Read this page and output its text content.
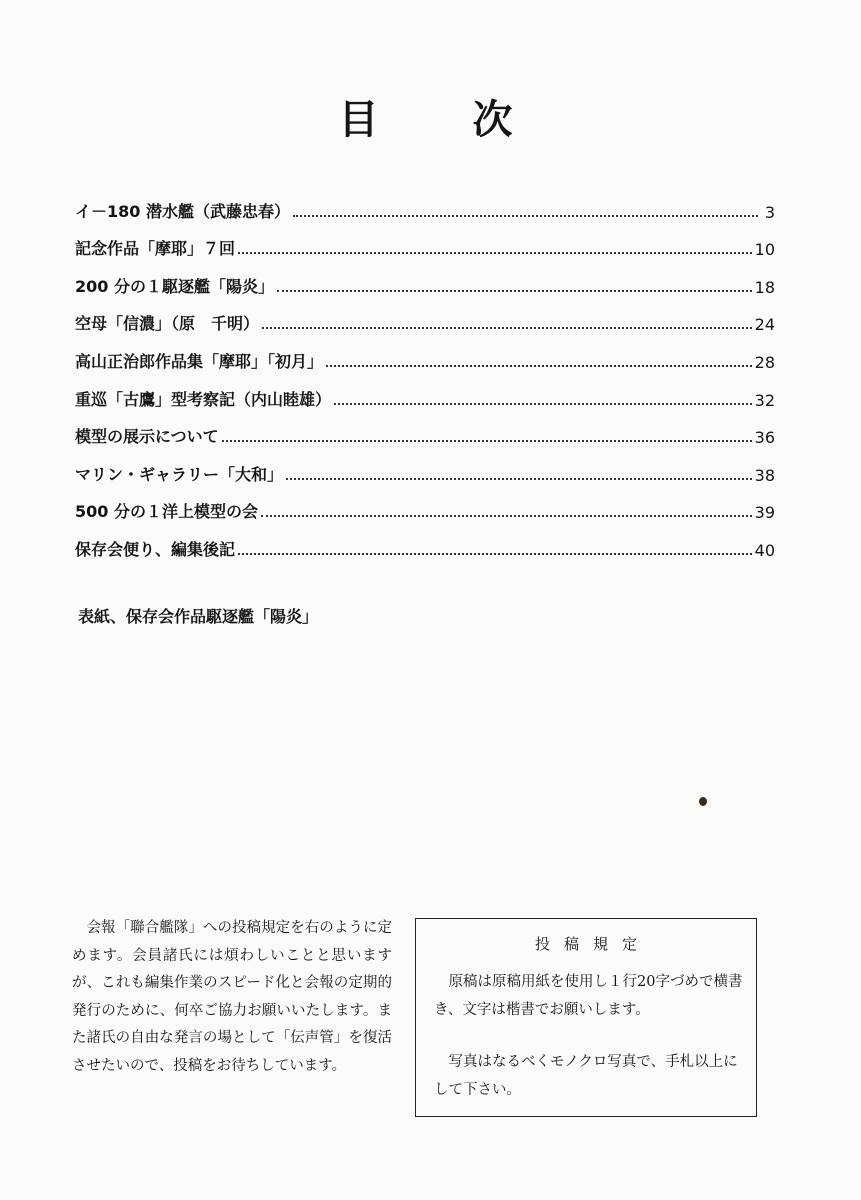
目 次
イ－180 潜水艦（武藤忠春）	3
記念作品「摩耶」７回	10
200 分の１駆逐艦「陽炎」	18
空母「信濃」（原　千明）	24
高山正治郎作品集「摩耶」「初月」	28
重巡「古鷹」型考察記（内山睦雄）	32
模型の展示について	36
マリン・ギャラリー「大和」	38
500 分の１洋上模型の会	39
保存会便り、編集後記	40

表紙、保存会作品駆逐艦「陽炎」

会報「聯合艦隊」への投稿規定を右のように定めます。会員諸氏には煩わしいことと思いますが、これも編集作業のスピード化と会報の定期的発行のために、何卒ご協力お願いいたします。また諸氏の自由な発言の場として「伝声管」を復活させたいので、投稿をお待ちしています。

投稿規定

原稿は原稿用紙を使用し１行20字づめで横書き、文字は楷書でお願いします。

写真はなるべくモノクロ写真で、手札以上にして下さい。
